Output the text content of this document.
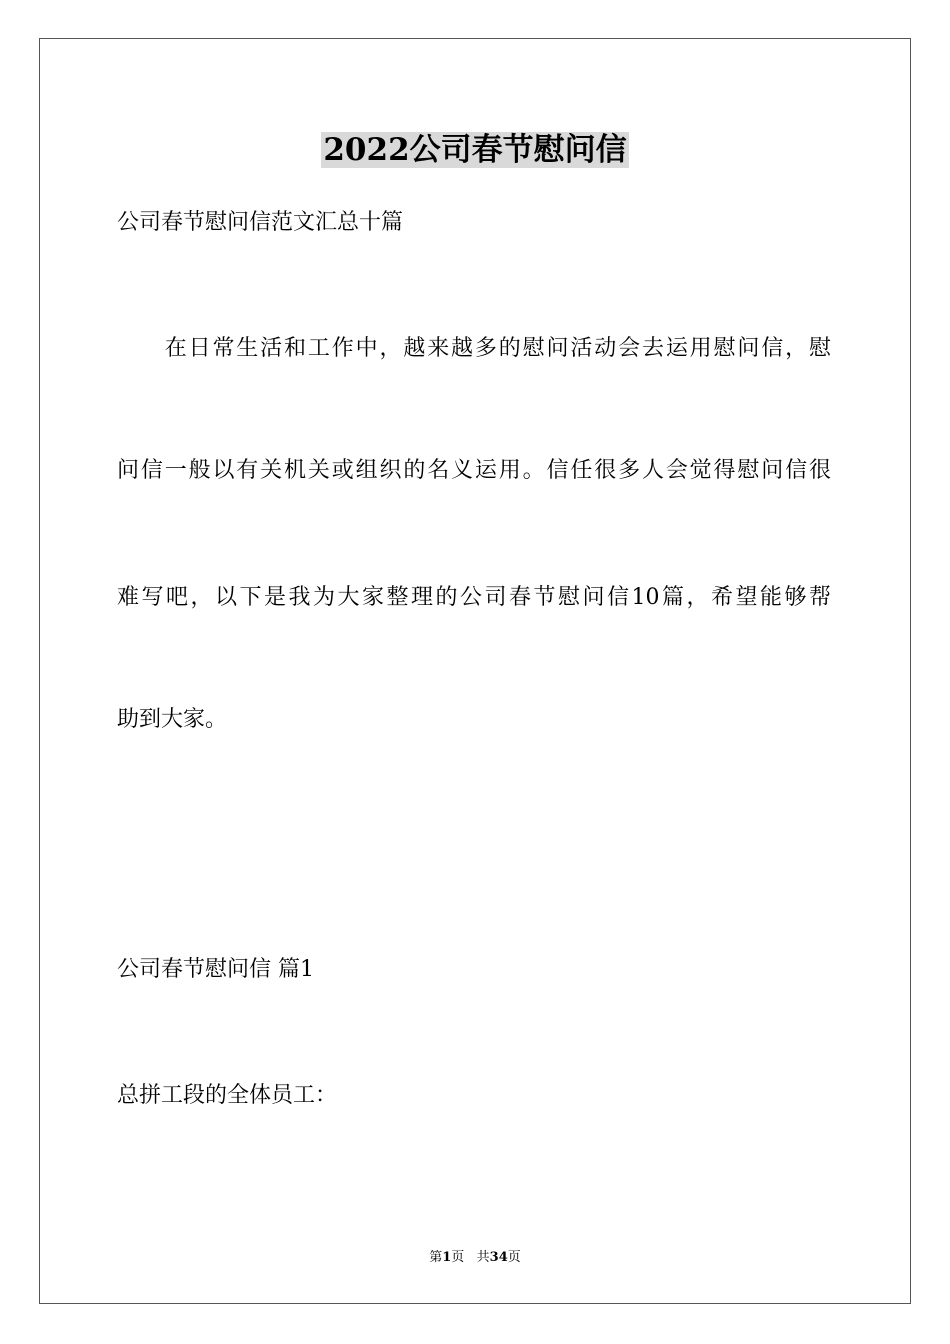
2022公司春节慰问信
公司春节慰问信范文汇总十篇
　　在日常生活和工作中，越来越多的慰问活动会去运用慰问信，慰
问信一般以有关机关或组织的名义运用。信任很多人会觉得慰问信很
难写吧，以下是我为大家整理的公司春节慰问信10篇，希望能够帮
助到大家。
公司春节慰问信 篇1
总拼工段的全体员工：
第1页   共34页
